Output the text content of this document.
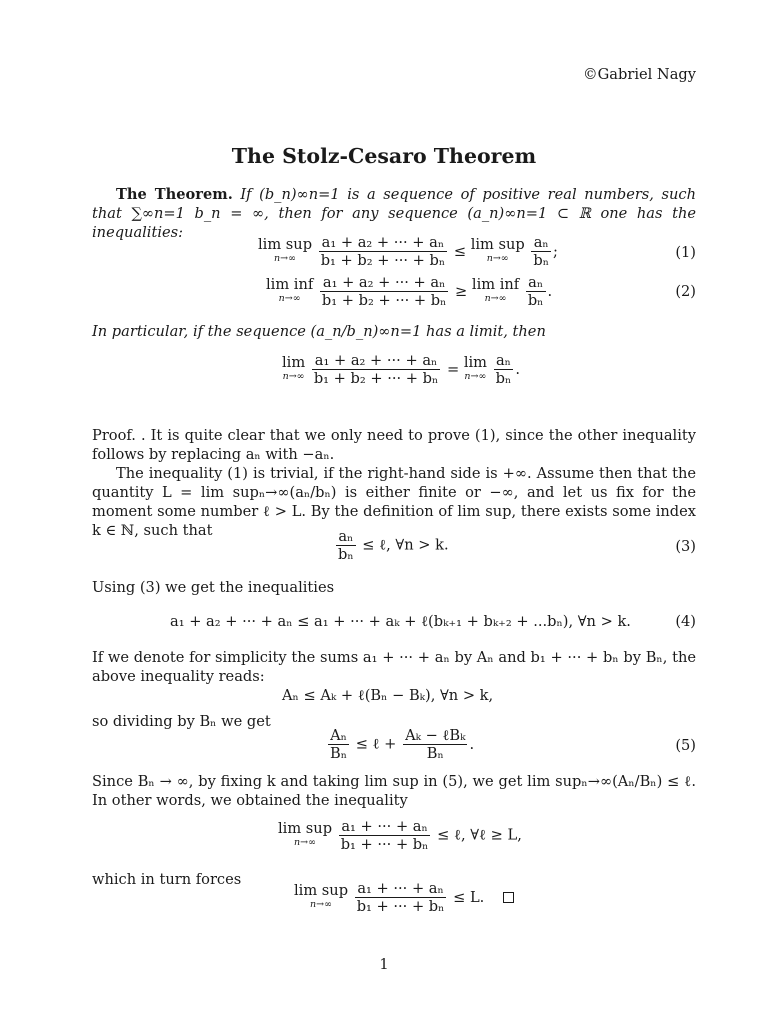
©Gabriel Nagy
The Stolz-Cesaro Theorem
The Theorem. If (b_n)∞n=1 is a sequence of positive real numbers, such that ∑∞n=1 b_n = ∞, then for any sequence (a_n)∞n=1 ⊂ ℝ one has the inequalities:
lim sup
n→∞
	$\frac{\text{a₁ + a₂ + ··· + aₙ}}{\text{b₁ + b₂ + ··· + bₙ}} \le \lim$ sup
n→∞
	$\frac{\text{aₙ}}{\text{bₙ}}$ ;	(1)
lim inf
n→∞
	$\frac{\text{a₁ + a₂ + ··· + aₙ}}{\text{b₁ + b₂ + ··· + bₙ}} \ge \lim$ inf
n→∞
	$\frac{\text{aₙ}}{\text{bₙ}}$ .	(2)
In particular, if the sequence (a_n/b_n)∞n=1 has a limit, then
lim
n→∞
$\frac{\text{a₁ + a₂ + ··· + aₙ}}{\text{b₁ + b₂ + ··· + bₙ}} = \lim$
n→∞
$\frac{\text{aₙ}}{\text{bₙ}}$ .
Proof. . It is quite clear that we only need to prove (1), since the other inequality follows by replacing aₙ with −aₙ.
The inequality (1) is trivial, if the right-hand side is +∞. Assume then that the quantity L = lim supₙ→∞(aₙ/bₙ) is either finite or −∞, and let us fix for the moment some number ℓ > L. By the definition of lim sup, there exists some index k ∈ ℕ, such that	$\frac{\text{aₙ}}{\text{bₙ}}$ ≤ ℓ, ∀n > k.	(3)
Using (3) we get the inequalities
a₁ + a₂ + ··· + aₙ ≤ a₁ + ··· + aₖ + ℓ(bₖ₊₁ + bₖ₊₂ + ...bₙ), ∀n > k.	(4)
If we denote for simplicity the sums a₁ + ··· + aₙ by Aₙ and b₁ + ··· + bₙ by Bₙ, the above inequality reads:
Aₙ ≤ Aₖ + ℓ(Bₙ − Bₖ), ∀n > k,
so dividing by Bₙ we get
$\frac{\text{Aₙ}}{\text{Bₙ}}$ ≤ ℓ + Aₖ − ℓBₖ
Bₙ
.	(5)
Since Bₙ → ∞, by fixing k and taking lim sup in (5), we get lim supₙ→∞(Aₙ/Bₙ) ≤ ℓ. In other words, we obtained the inequality
lim sup
n→∞
	$\frac{\text{a₁ + ··· + aₙ}}{\text{b₁ + ··· + bₙ}}$ ≤ ℓ, ∀ℓ ≥ L,
which in turn forces
lim sup
n→∞
	$\frac{\text{a₁ + ··· + aₙ}}{\text{b₁ + ··· + bₙ}} \le L$.
1
